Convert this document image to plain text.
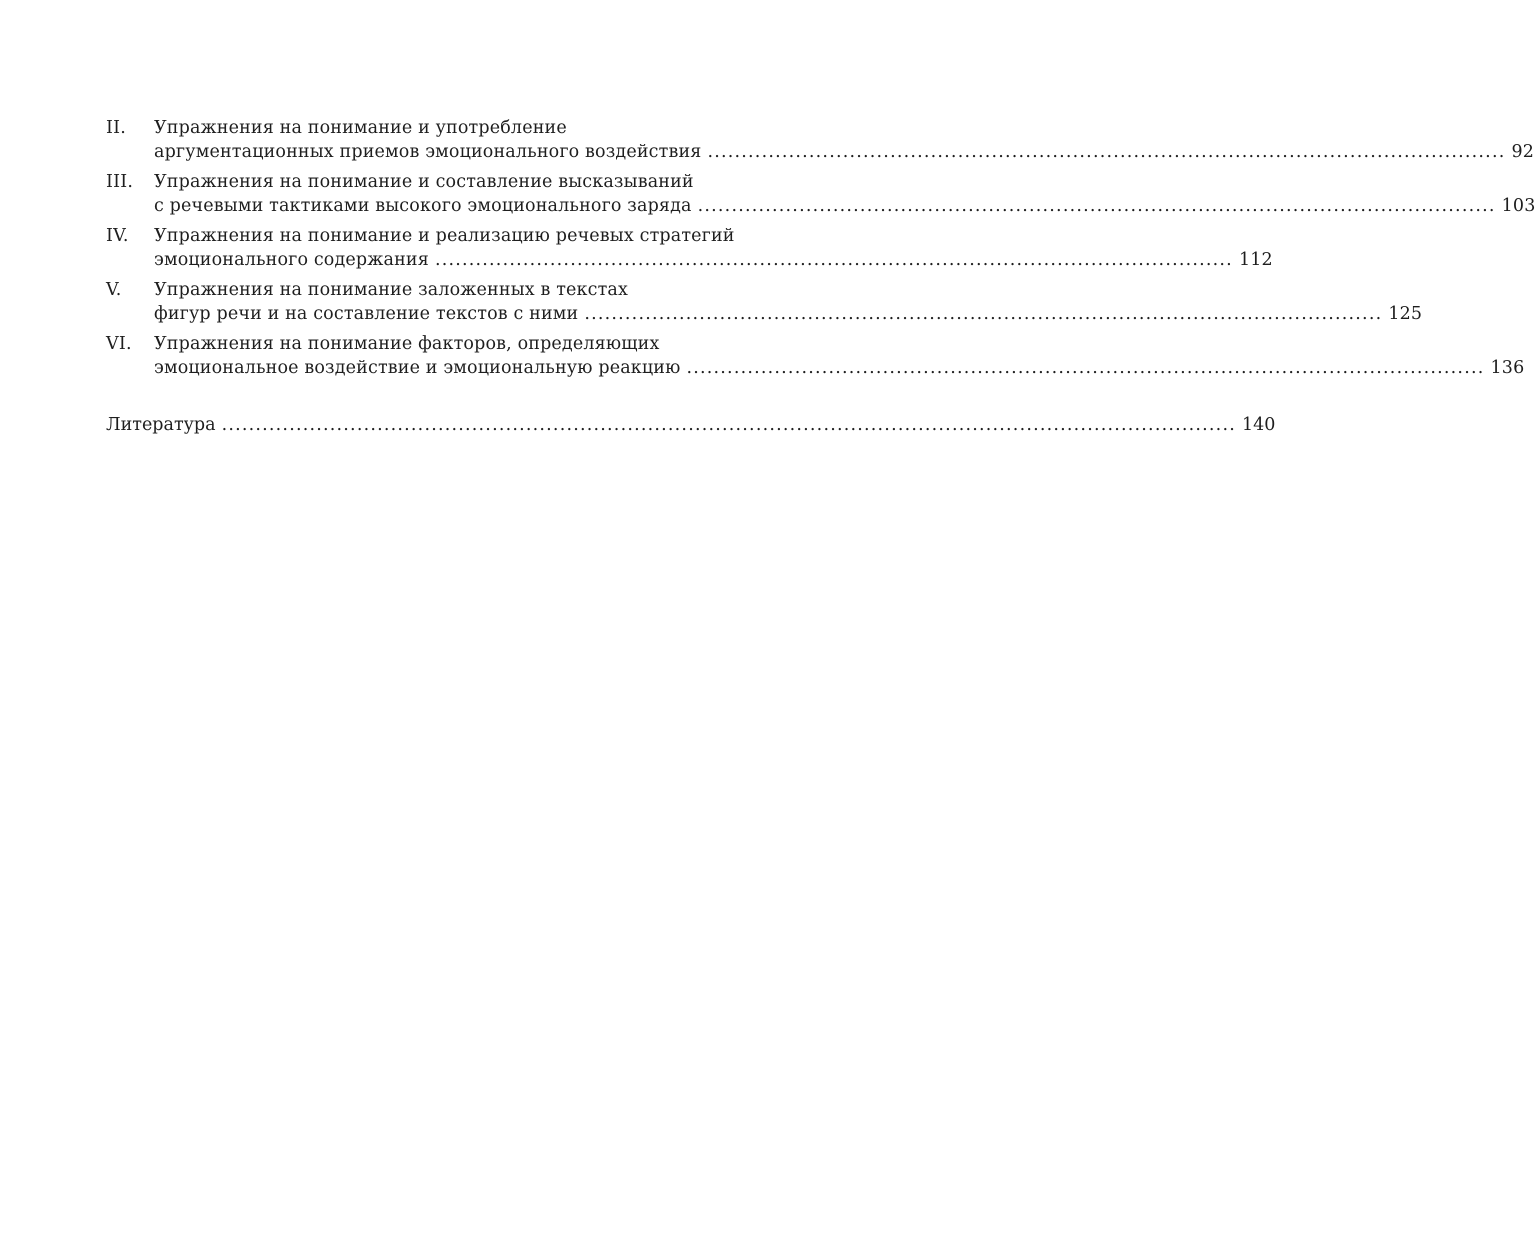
II. Упражнения на понимание и употребление
аргументационных приемов эмоционального воздействия ...................................................................................................................... 92
III. Упражнения на понимание и составление высказываний
с речевыми тактиками высокого эмоционального заряда ...................................................................................................................... 103
IV. Упражнения на понимание и реализацию речевых стратегий
эмоционального содержания ...................................................................................................................... 112
V. Упражнения на понимание заложенных в текстах
фигур речи и на составление текстов с ними ...................................................................................................................... 125
VI. Упражнения на понимание факторов, определяющих
эмоциональное воздействие и эмоциональную реакцию ...................................................................................................................... 136
Литература ...................................................................................................................................................... 140
